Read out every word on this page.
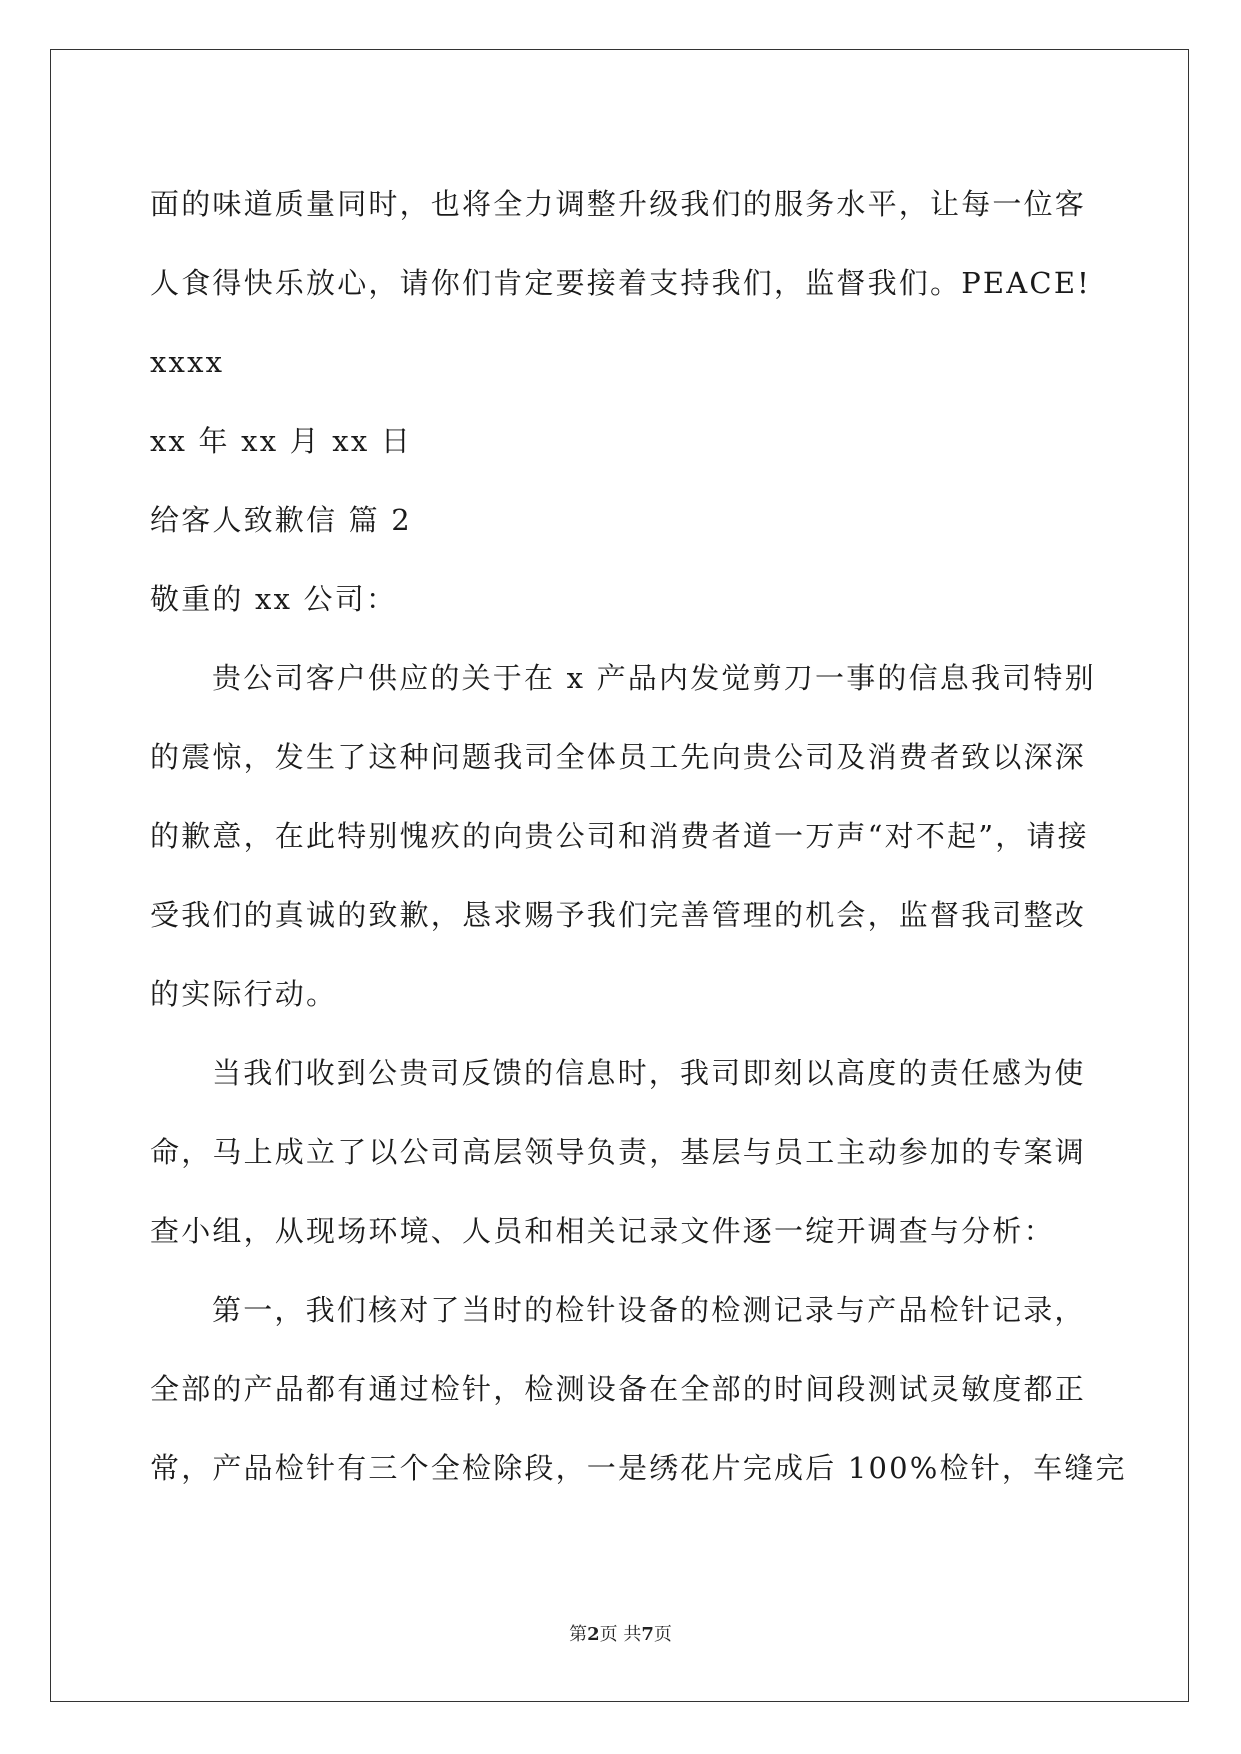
面的味道质量同时，也将全力调整升级我们的服务水平，让每一位客
人食得快乐放心，请你们肯定要接着支持我们，监督我们。PEACE!
xxxx
xx 年 xx 月 xx 日
给客人致歉信 篇 2
敬重的 xx 公司：
贵公司客户供应的关于在 x 产品内发觉剪刀一事的信息我司特别
的震惊，发生了这种问题我司全体员工先向贵公司及消费者致以深深
的歉意，在此特别愧疚的向贵公司和消费者道一万声“对不起”，请接
受我们的真诚的致歉，恳求赐予我们完善管理的机会，监督我司整改
的实际行动。
当我们收到公贵司反馈的信息时，我司即刻以高度的责任感为使
命，马上成立了以公司高层领导负责，基层与员工主动参加的专案调
查小组，从现场环境、人员和相关记录文件逐一绽开调查与分析：
第一，我们核对了当时的检针设备的检测记录与产品检针记录，
全部的产品都有通过检针，检测设备在全部的时间段测试灵敏度都正
常，产品检针有三个全检除段，一是绣花片完成后 100%检针，车缝完
第2页 共7页
